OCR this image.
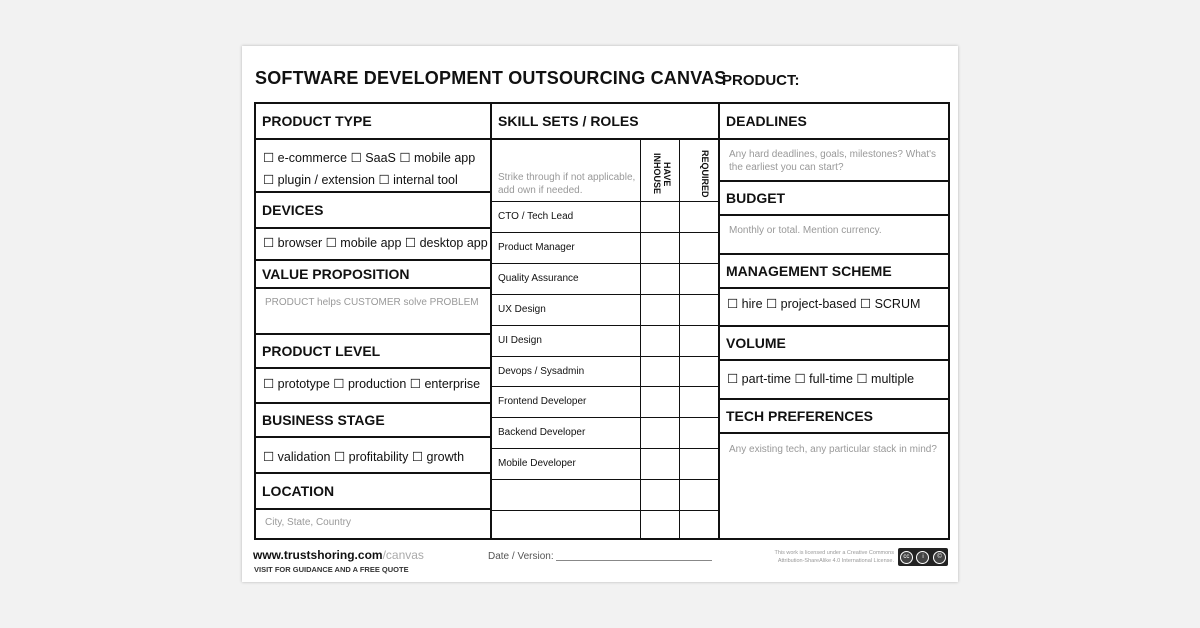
SOFTWARE DEVELOPMENT OUTSOURCING CANVAS
PRODUCT:
PRODUCT TYPE
☐ e-commerce ☐ SaaS ☐ mobile app
☐ plugin / extension ☐ internal tool
DEVICES
☐ browser ☐ mobile app ☐ desktop app
VALUE PROPOSITION
PRODUCT helps CUSTOMER solve PROBLEM
PRODUCT LEVEL
☐ prototype ☐ production ☐ enterprise
BUSINESS STAGE
☐ validation ☐ profitability ☐ growth
LOCATION
City, State, Country
SKILL SETS / ROLES
Strike through if not applicable, add own if needed.
HAVE INHOUSE	REQUIRED
CTO / Tech Lead
Product Manager
Quality Assurance
UX Design
UI Design
Devops / Sysadmin
Frontend Developer
Backend Developer
Mobile Developer
DEADLINES
Any hard deadlines, goals, milestones? What's the earliest you can start?
BUDGET
Monthly or total. Mention currency.
MANAGEMENT SCHEME
☐ hire ☐ project-based ☐ SCRUM
VOLUME
☐ part-time ☐ full-time ☐ multiple
TECH PREFERENCES
Any existing tech, any particular stack in mind?
www.trustshoring.com/canvas
VISIT FOR GUIDANCE AND A FREE QUOTE
Date / Version:	This work is licensed under a Creative Commons
Attribution-ShareAlike 4.0 International License.
cc	i	©
